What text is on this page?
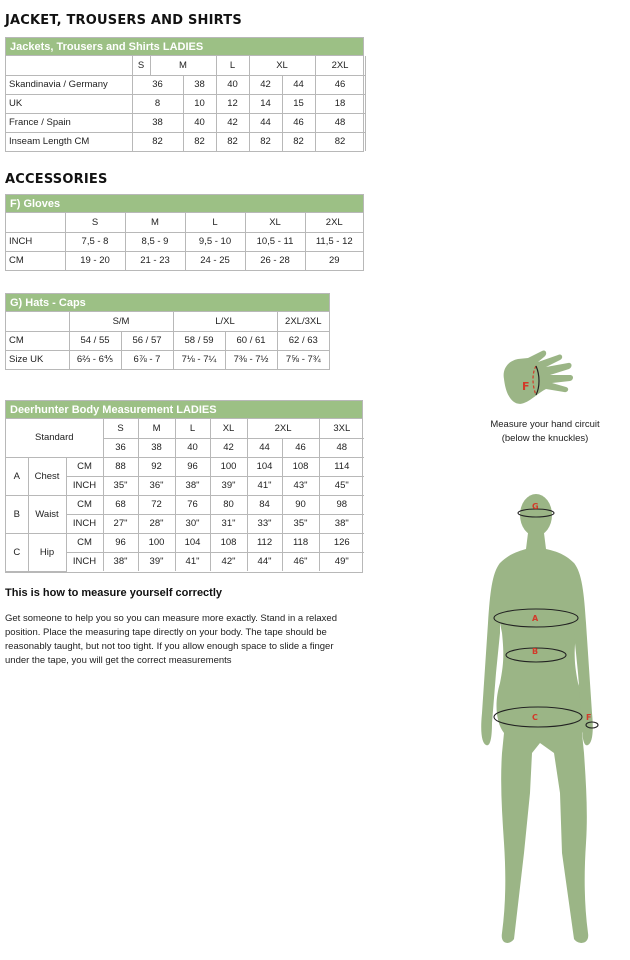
JACKET, TROUSERS AND SHIRTS
Jackets, Trousers and Shirts LADIES
	S	M		L	XL		2XL	
Skandinavia / Germany	36		38	40	42	44	46	
UK	8		10	12	14	15	18	
France / Spain	38		40	42	44	46	48	
Inseam Length CM	82		82	82	82	82	82	
ACCESSORIES
F) Gloves
	S	M	L	XL	2XL
INCH	7,5 - 8	8,5 - 9	9,5 - 10	10,5 - 11	11,5 - 12
CM	19 - 20	21 - 23	24 - 25	26 - 28	29
G) Hats - Caps
	S/M		L/XL		2XL/3XL
CM	54 / 55	56 / 57	58 / 59	60 / 61	62 / 63
Size UK	6⅔ - 6⅘	6⅞ - 7	7⅛ - 7¼	7⅜ - 7½	7⅝ - 7¾
Deerhunter Body Measurement LADIES
Standard			S	M	L	XL	2XL		3XL
			36	38	40	42	44	46	48
A	Chest	CM	88	92	96	100	104	108	114
		INCH	35"	36"	38"	39"	41"	43"	45"
B	Waist	CM	68	72	76	80	84	90	98
		INCH	27"	28"	30"	31"	33"	35"	38"
C	Hip	CM	96	100	104	108	112	118	126
		INCH	38"	39"	41"	42"	44"	46"	49"
This is how to measure yourself correctly
Get someone to help you so you can measure more exactly. Stand in a relaxed
position. Place the measuring tape directly on your body. The tape should be
reasonably taught, but not too tight. If you allow enough space to slide a finger
under the tape, you will get the correct measurements
F
Measure your hand circuit
(below the knuckles)
G
A
B
C	F
